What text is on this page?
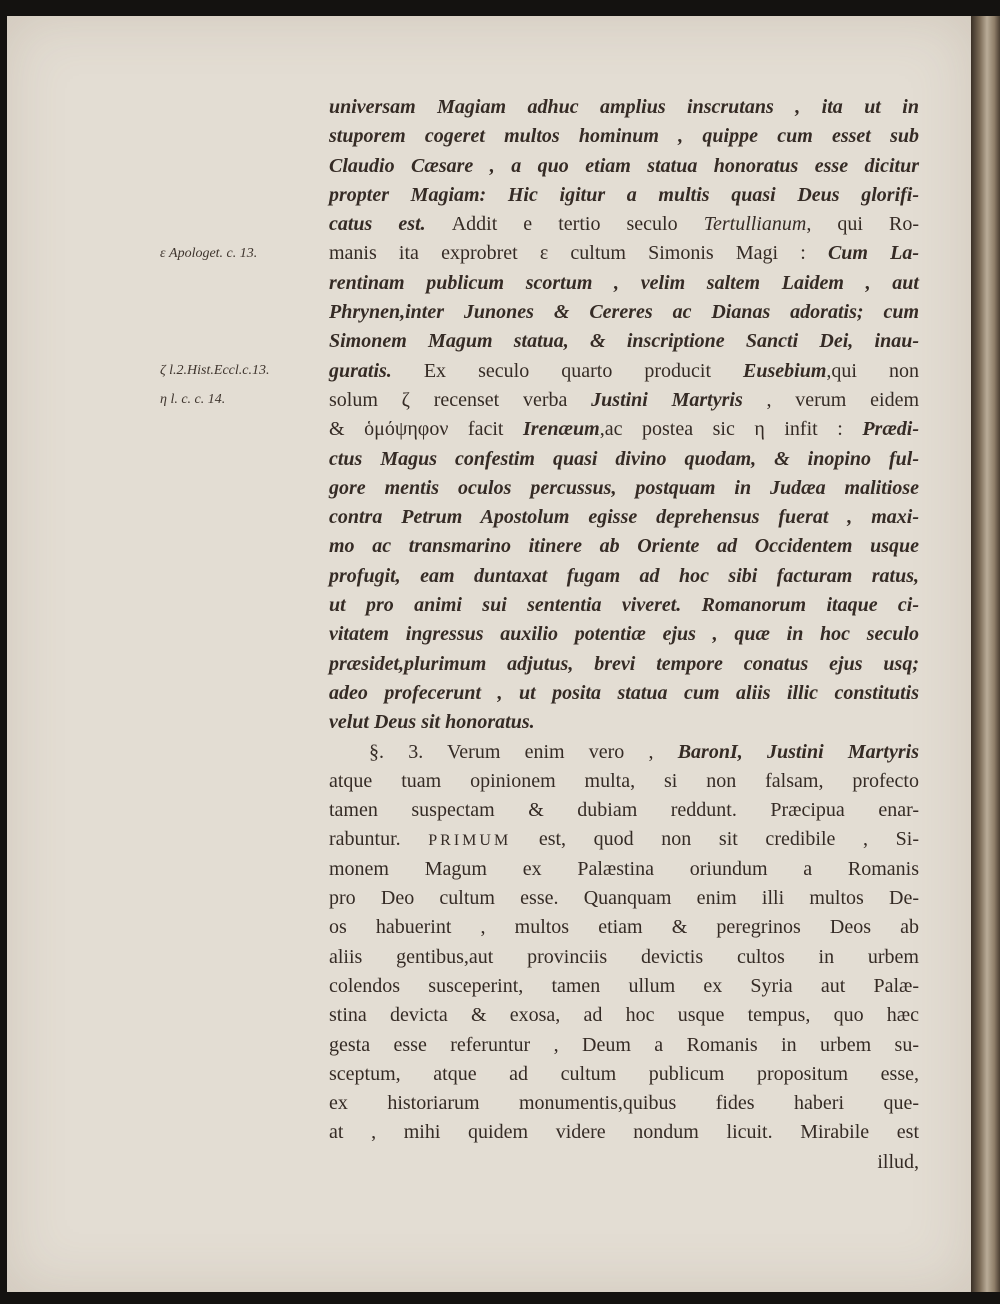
universam Magiam adhuc amplius inscrutans , ita ut in
stuporem cogeret multos hominum , quippe cum esset sub
Claudio Cæsare , a quo etiam statua honoratus esse dicitur
propter Magiam: Hic igitur a multis quasi Deus glorifi-
catus est. Addit e tertio seculo Tertullianum, qui Ro-
manis ita exprobret ε cultum Simonis Magi : Cum La-
rentinam publicum scortum , velim saltem Laidem , aut
Phrynen,inter Junones & Cereres ac Dianas adoratis; cum
Simonem Magum statua, & inscriptione Sancti Dei, inau-
guratis. Ex seculo quarto producit Eusebium,qui non
solum ζ recenset verba Justini Martyris , verum eidem
& ὁμόψηφον facit Irenæum,ac postea sic η infit : Prædi-
ctus Magus confestim quasi divino quodam, & inopino ful-
gore mentis oculos percussus, postquam in Judæa malitiose
contra Petrum Apostolum egisse deprehensus fuerat , maxi-
mo ac transmarino itinere ab Oriente ad Occidentem usque
profugit, eam duntaxat fugam ad hoc sibi facturam ratus,
ut pro animi sui sententia viveret. Romanorum itaque ci-
vitatem ingressus auxilio potentiæ ejus , quæ in hoc seculo
præsidet,plurimum adjutus, brevi tempore conatus ejus usq;
adeo profecerunt , ut posita statua cum aliis illic constitutis
velut Deus sit honoratus.
§. 3. Verum enim vero , BaronI, Justini Martyris
atque tuam opinionem multa, si non falsam, profecto
tamen suspectam & dubiam reddunt. Præcipua enar-
rabuntur. PRIMUM est, quod non sit credibile , Si-
monem Magum ex Palæstina oriundum a Romanis
pro Deo cultum esse. Quanquam enim illi multos De-
os habuerint , multos etiam & peregrinos Deos ab
aliis gentibus,aut provinciis devictis cultos in urbem
colendos susceperint, tamen ullum ex Syria aut Palæ-
stina devicta & exosa, ad hoc usque tempus, quo hæc
gesta esse referuntur , Deum a Romanis in urbem su-
sceptum, atque ad cultum publicum propositum esse,
ex historiarum monumentis,quibus fides haberi que-
at , mihi quidem videre nondum licuit. Mirabile est
illud,
ε Apologet. c. 13.
ζ l.2.Hist.Eccl.c.13.
η l. c. c. 14.
